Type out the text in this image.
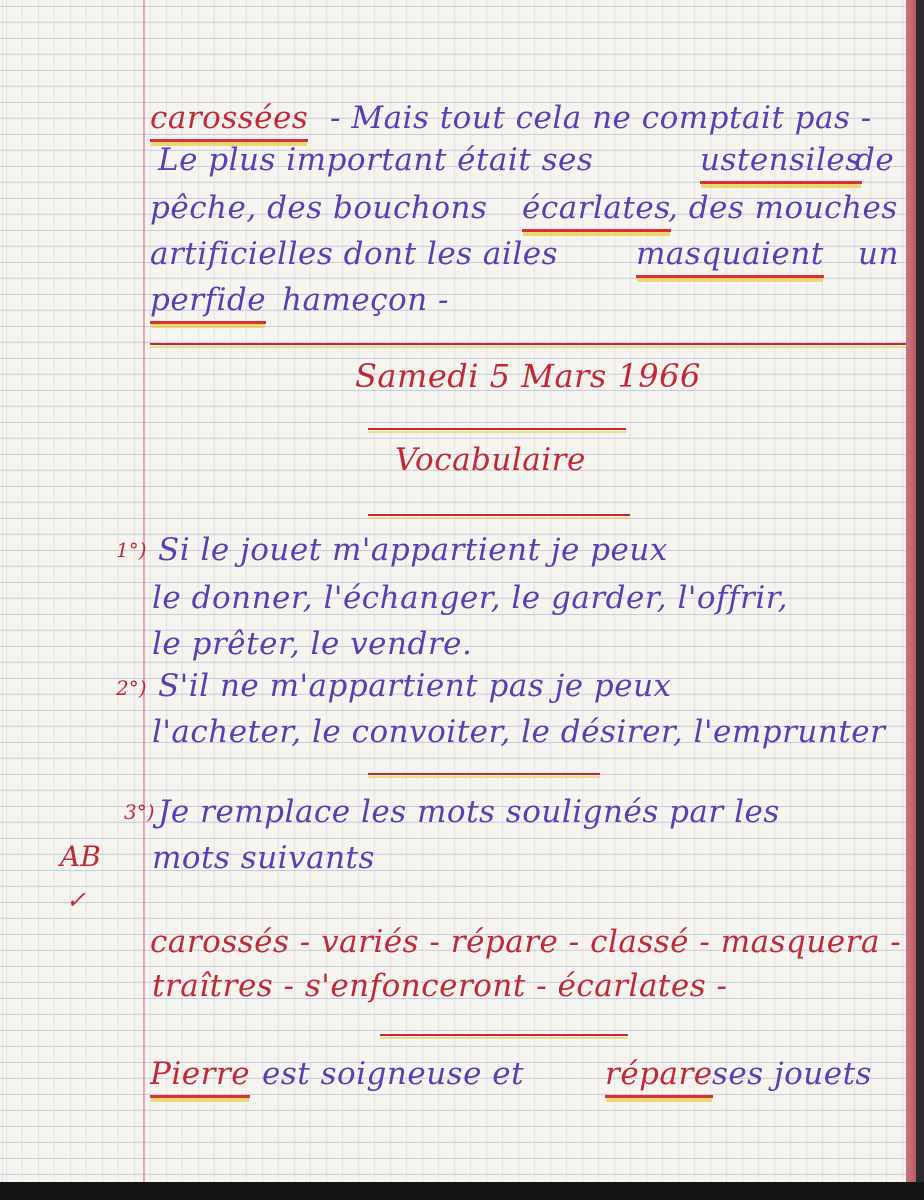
carossées - Mais tout cela ne comptait pas -
Le plus important était ses	ustensiles
de
pêche, des bouchons écarlates
, des mouches
artificielles dont les ailes	masquaient un
perfide hameçon -
Samedi 5 Mars 1966
Vocabulaire
1°) Si le jouet m'appartient je peux
le donner, l'échanger, le garder, l'offrir,
le prêter, le vendre.
2°) S'il ne m'appartient pas je peux
l'acheter, le convoiter, le désirer, l'emprunter
3°) Je remplace les mots soulignés par les
mots suivants
AB
✓
carossés - variés - répare - classé - masquera -
traîtres - s'enfonceront - écarlates -
Pierre est soigneuse et	répare ses jouets
